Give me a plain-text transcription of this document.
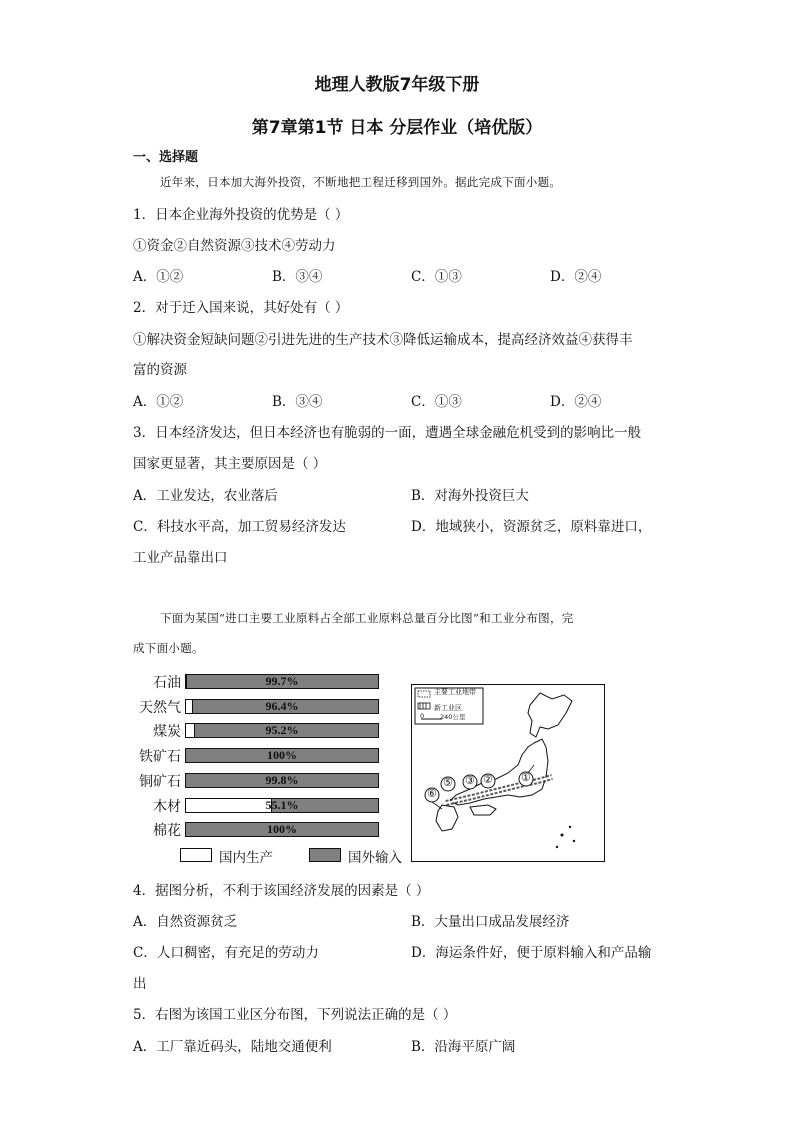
地理人教版7年级下册
第7章第1节 日本 分层作业（培优版）
一、选择题
近年来，日本加大海外投资，不断地把工程迁移到国外。据此完成下面小题。
1．日本企业海外投资的优势是（ ）
①资金②自然资源③技术④劳动力
A．①②	B．③④	C．①③	D．②④
2．对于迁入国来说，其好处有（ ）
①解决资金短缺问题②引进先进的生产技术③降低运输成本，提高经济效益④获得丰
富的资源
A．①②	B．③④	C．①③	D．②④
3．日本经济发达，但日本经济也有脆弱的一面，遭遇全球金融危机受到的影响比一般
国家更显著，其主要原因是（ ）
A．工业发达，农业落后	B．对海外投资巨大
C．科技水平高，加工贸易经济发达	D．地域狭小，资源贫乏，原料靠进口，
工业产品靠出口
下面为某国“进口主要工业原料占全部工业原料总量百分比图”和工业分布图，完
成下面小题。
石油	99.7%
天然气	96.4%
煤炭	95.2%
铁矿石	100%
铜矿石	99.8%
木材	55.1%
棉花	100%
国内生产	国外输入
主要工业地带
新工业区
0 240公里
⑥
⑤ ③ ②	①
4．据图分析，不利于该国经济发展的因素是（ ）
A．自然资源贫乏	B．大量出口成品发展经济
C．人口稠密，有充足的劳动力	D．海运条件好，便于原料输入和产品输
出
5．右图为该国工业区分布图，下列说法正确的是（ ）
A．工厂靠近码头，陆地交通便利	B．沿海平原广阔
